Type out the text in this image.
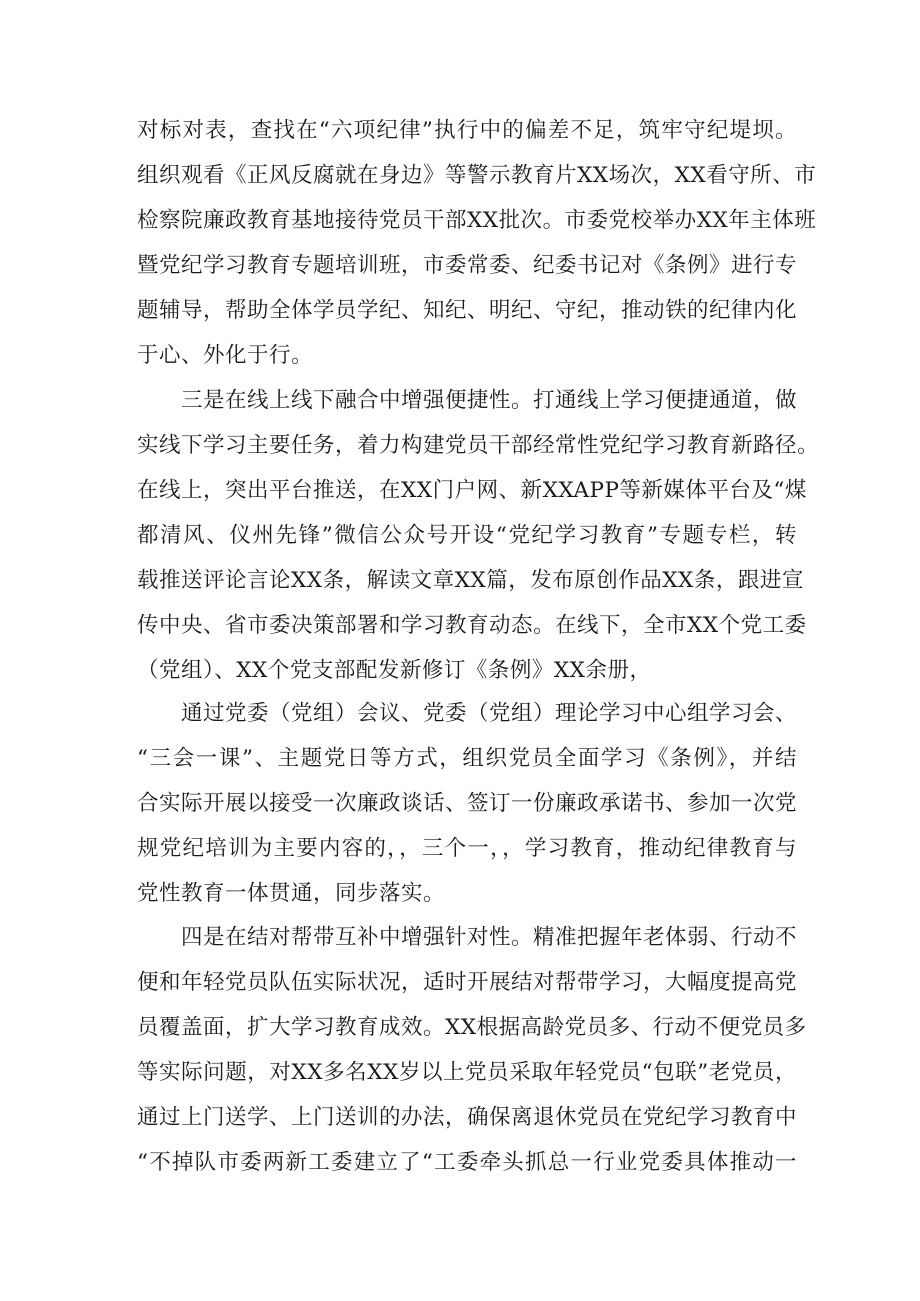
对标对表，查找在“六项纪律”执行中的偏差不足，筑牢守纪堤坝。
组织观看《正风反腐就在身边》等警示教育片XX场次，XX看守所、市
检察院廉政教育基地接待党员干部XX批次。市委党校举办XX年主体班
暨党纪学习教育专题培训班，市委常委、纪委书记对《条例》进行专
题辅导，帮助全体学员学纪、知纪、明纪、守纪，推动铁的纪律内化
于心、外化于行。
三是在线上线下融合中增强便捷性。打通线上学习便捷通道，做
实线下学习主要任务，着力构建党员干部经常性党纪学习教育新路径。
在线上，突出平台推送，在XX门户网、新XXAPP等新媒体平台及“煤
都清风、仪州先锋”微信公众号开设“党纪学习教育”专题专栏，转
载推送评论言论XX条，解读文章XX篇，发布原创作品XX条，跟进宣
传中央、省市委决策部署和学习教育动态。在线下，全市XX个党工委
（党组）、XX个党支部配发新修订《条例》XX余册，
通过党委（党组）会议、党委（党组）理论学习中心组学习会、
“三会一课”、主题党日等方式，组织党员全面学习《条例》，并结
合实际开展以接受一次廉政谈话、签订一份廉政承诺书、参加一次党
规党纪培训为主要内容的，，三个一，，学习教育，推动纪律教育与
党性教育一体贯通，同步落实。
四是在结对帮带互补中增强针对性。精准把握年老体弱、行动不
便和年轻党员队伍实际状况，适时开展结对帮带学习，大幅度提高党
员覆盖面，扩大学习教育成效。XX根据高龄党员多、行动不便党员多
等实际问题，对XX多名XX岁以上党员采取年轻党员“包联”老党员，
通过上门送学、上门送训的办法，确保离退休党员在党纪学习教育中
“不掉队市委两新工委建立了“工委牵头抓总一行业党委具体推动一
